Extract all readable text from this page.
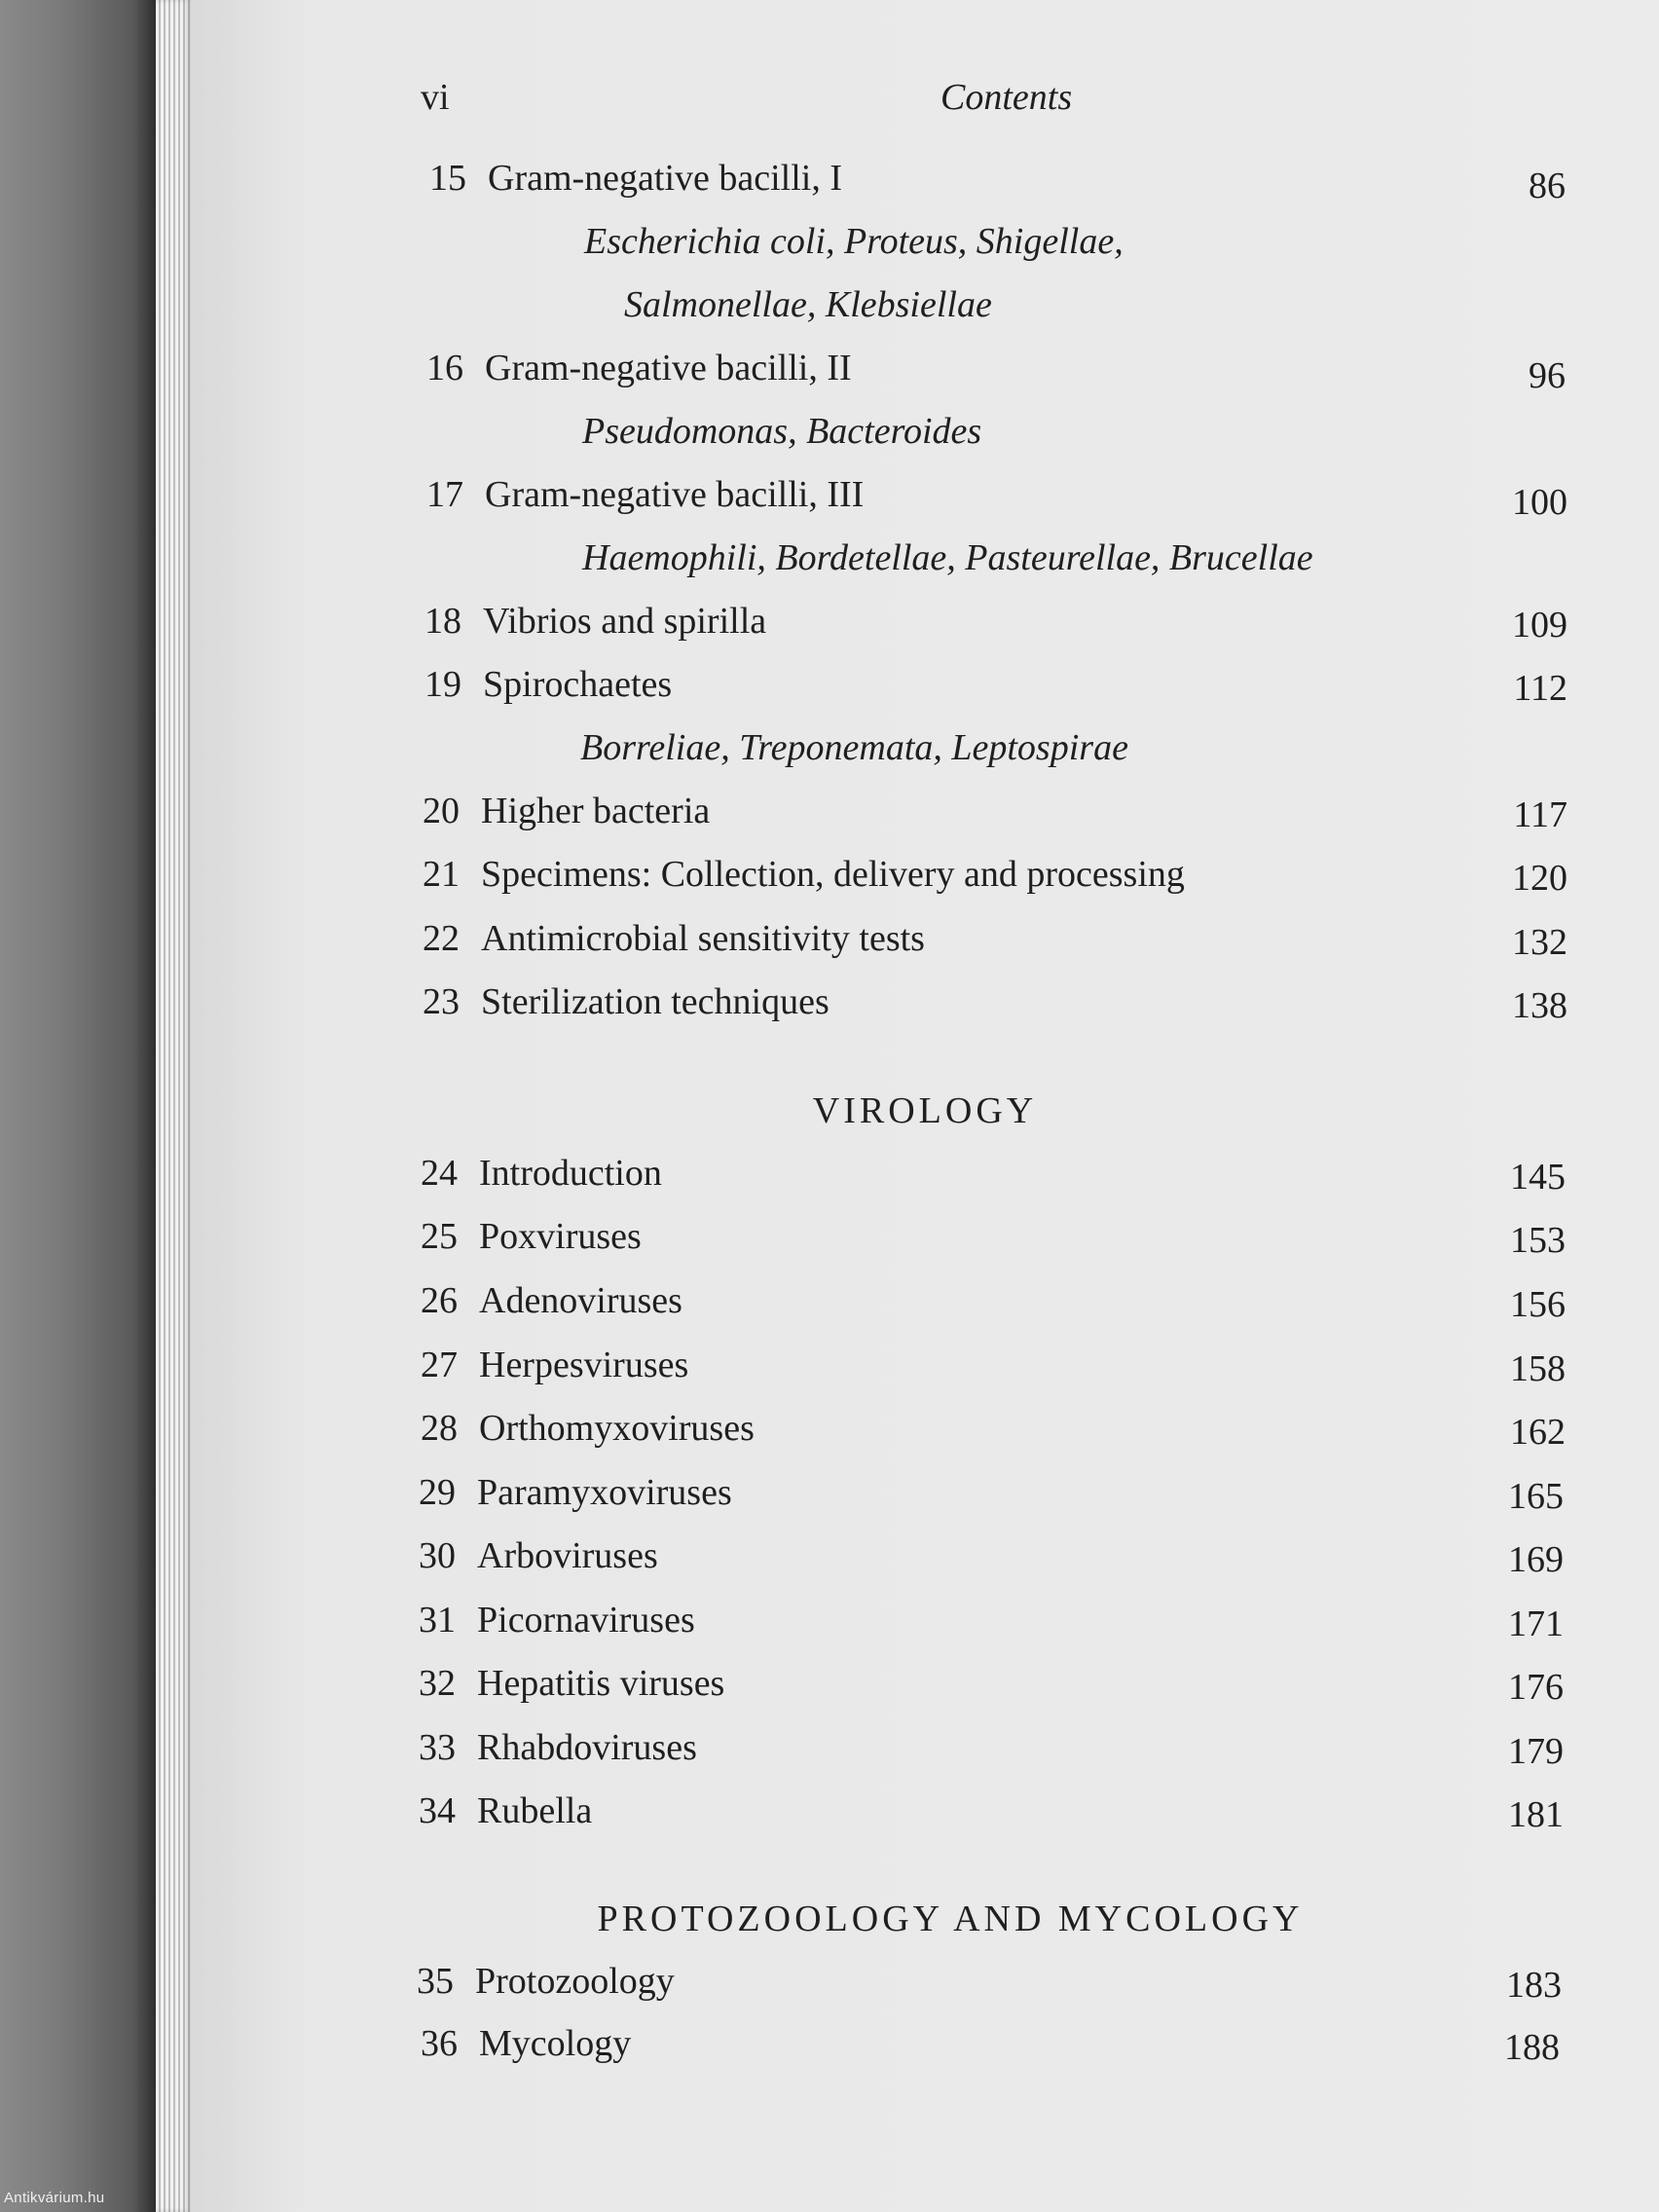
vi	Contents
15 Gram-negative bacilli, I	86
Escherichia coli, Proteus, Shigellae,
Salmonellae, Klebsiellae
16 Gram-negative bacilli, II	96
Pseudomonas, Bacteroides
17 Gram-negative bacilli, III	100
Haemophili, Bordetellae, Pasteurellae, Brucellae
18 Vibrios and spirilla	109
19 Spirochaetes	112
Borreliae, Treponemata, Leptospirae
20 Higher bacteria	117
21 Specimens: Collection, delivery and processing	120
22 Antimicrobial sensitivity tests	132
23 Sterilization techniques	138
VIROLOGY
24 Introduction	145
25 Poxviruses	153
26 Adenoviruses	156
27 Herpesviruses	158
28 Orthomyxoviruses	162
29 Paramyxoviruses	165
30 Arboviruses	169
31 Picornaviruses	171
32 Hepatitis viruses	176
33 Rhabdoviruses	179
34 Rubella	181
PROTOZOOLOGY AND MYCOLOGY
35 Protozoology	183
36 Mycology	188
Antikvárium.hu
